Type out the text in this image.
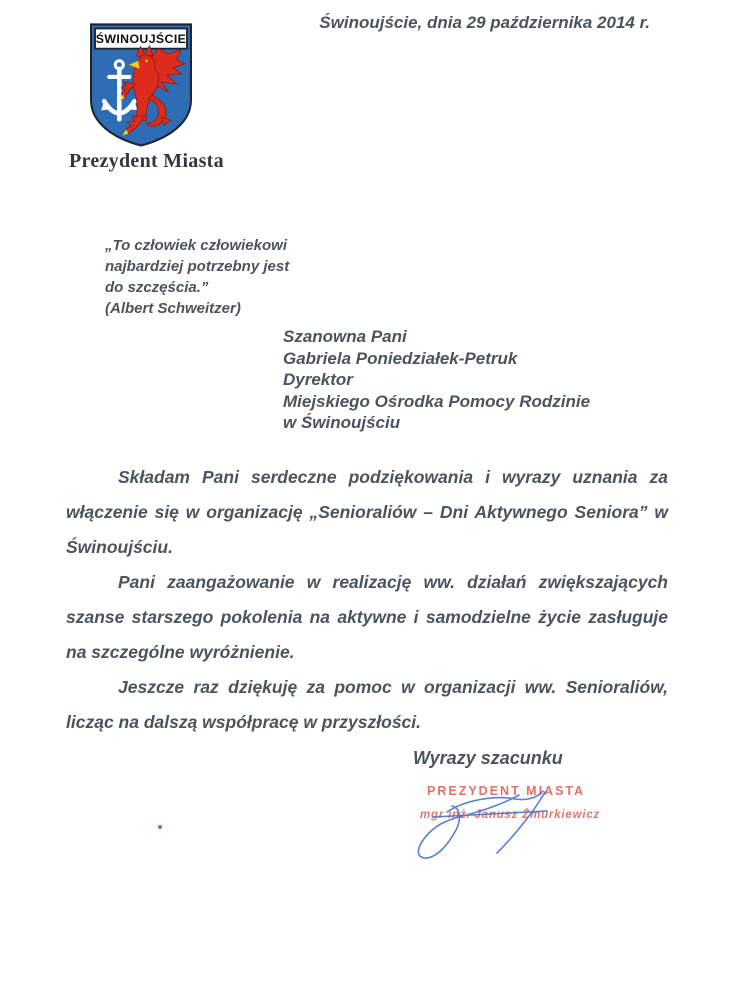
Świnoujście, dnia 29 października 2014 r.
ŚWINOUJŚCIE
Prezydent Miasta
„To człowiek człowiekowi
najbardziej potrzebny jest
do szczęścia.”
(Albert Schweitzer)
Szanowna Pani
Gabriela Poniedziałek-Petruk
Dyrektor
Miejskiego Ośrodka Pomocy Rodzinie
w Świnoujściu

Składam Pani serdeczne podziękowania i wyrazy uznania za włączenie się w organizację „Senioraliów – Dni Aktywnego Seniora” w Świnoujściu.

Pani zaangażowanie w realizację ww. działań zwiększających szanse starszego pokolenia na aktywne i samodzielne życie zasługuje na szczególne wyróżnienie.

Jeszcze raz dziękuję za pomoc w organizacji ww. Senioraliów, licząc na dalszą współpracę w przyszłości.

Wyrazy szacunku
PREZYDENT MIASTA
mgr inż. Janusz Żmurkiewicz
